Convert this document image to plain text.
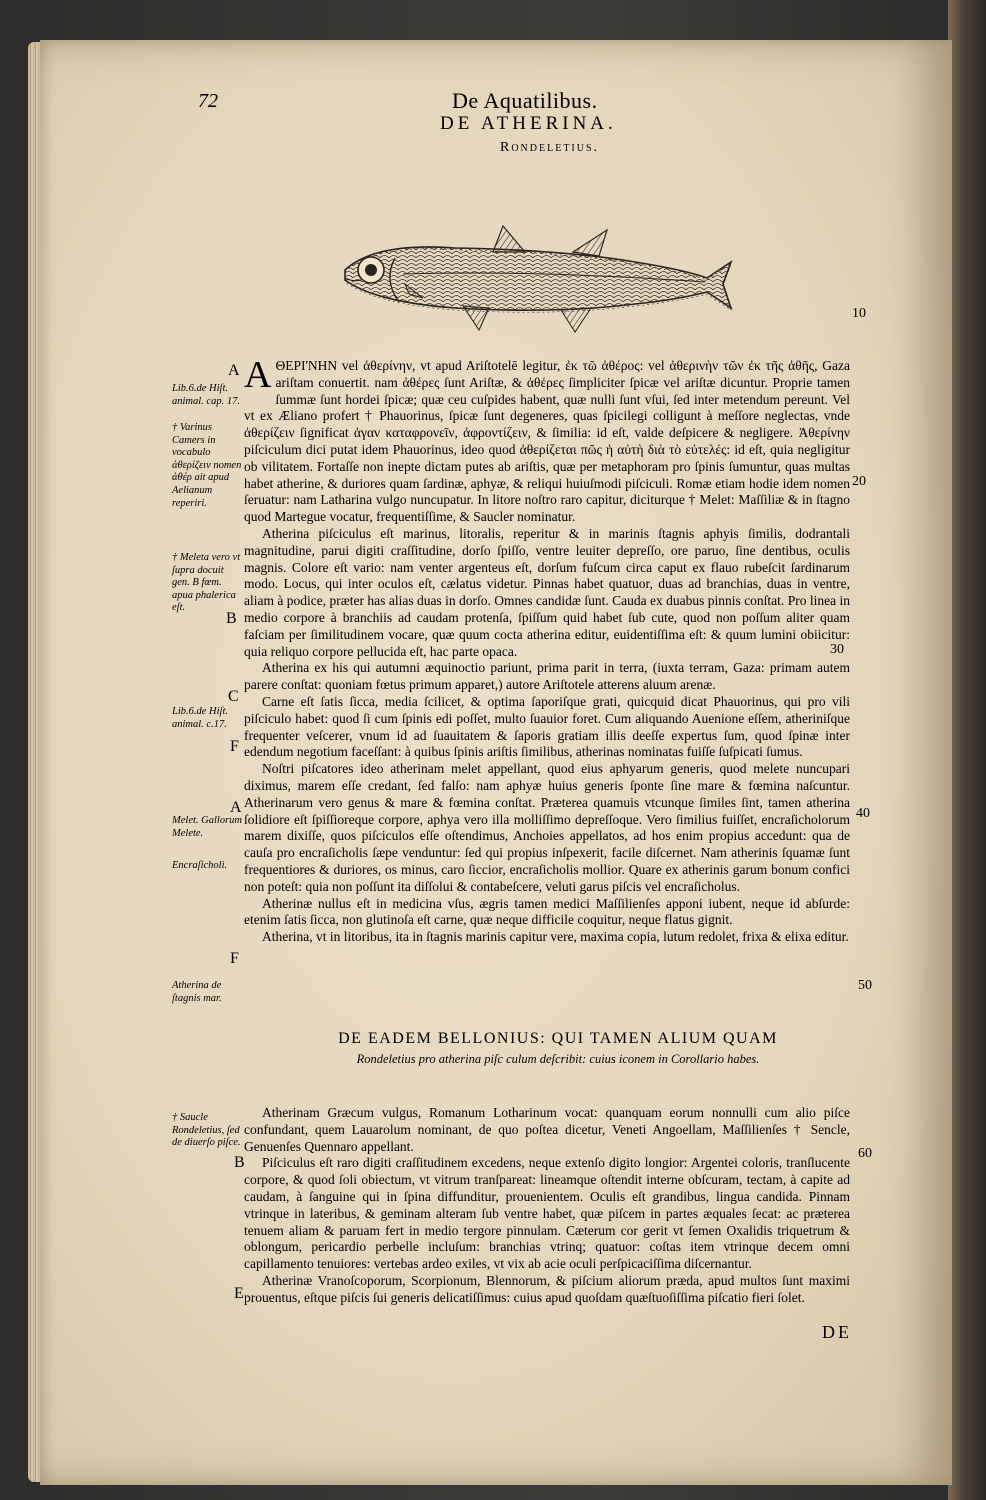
72	De Aquatilibus.
DE ATHERINA.
Rondeletius.
10
20
30
40
50
60
A
B
C
F
A
F
B
E

AΘΕΡΙ'ΝΗΝ vel ἀθερίνην, vt apud Ariſtotelē legitur, ἐκ τῶ ἀθέρος: vel ἀθερινὴν τῶν ἐκ τῆς ἀθῆς, Gaza ariſtam conuertit. nam ἀθέρες ſunt Ariſtæ, & ἀθέρες ſimpliciter ſpicæ vel ariſtæ dicuntur. Proprie tamen ſummæ ſunt hordei ſpicæ; quæ ceu cuſpides habent, quæ nulli ſunt vſui, ſed inter metendum pereunt. Vel vt ex Æliano profert † Phauorinus, ſpicæ ſunt degeneres, quas ſpicilegi colligunt à meſſore neglectas, vnde ἀθερίζειν ſignificat ἀγαν καταφρονεῖν, ἀφροντίζειν, & ſimilia: id eſt, valde deſpicere & negligere. Ἀθερίνην piſciculum dici putat idem Phauorinus, ideo quod ἀθερίζεται πῶς ἡ αὐτὴ διὰ τὸ εὐτελές: id eſt, quia negligitur ob vilitatem. Fortaſſe non inepte dictam putes ab ariſtis, quæ per metaphoram pro ſpinis ſumuntur, quas multas habet atherine, & duriores quam ſardinæ, aphyæ, & reliqui huiuſmodi piſciculi. Romæ etiam hodie idem nomen ſeruatur: nam Latharina vulgo nuncupatur. In litore noſtro raro capitur, diciturque † Melet: Maſſiliæ & in ſtagno quod Martegue vocatur, frequentiſſime, & Saucler nominatur.

Atherina piſciculus eſt marinus, litoralis, reperitur & in marinis ſtagnis aphyis ſimilis, dodrantali magnitudine, parui digiti craſſitudine, dorſo ſpiſſo, ventre leuiter depreſſo, ore paruo, ſine dentibus, oculis magnis. Colore eſt vario: nam venter argenteus eſt, dorſum fuſcum circa caput ex flauo rubeſcit ſardinarum modo. Locus, qui inter oculos eſt, cælatus videtur. Pinnas habet quatuor, duas ad branchias, duas in ventre, aliam à podice, præter has alias duas in dorſo. Omnes candidæ ſunt. Cauda ex duabus pinnis conſtat. Pro linea in medio corpore à branchiis ad caudam protenſa, ſpiſſum quid habet ſub cute, quod non poſſum aliter quam faſciam per ſimilitudinem vocare, quæ quum cocta atherina editur, euidentiſſima eſt: & quum lumini obiicitur: quia reliquo corpore pellucida eſt, hac parte opaca.

Atherina ex his qui autumni æquinoctio pariunt, prima parit in terra, (iuxta terram, Gaza: primam autem parere conſtat: quoniam fœtus primum apparet,) autore Ariſtotele atterens aluum arenæ.

Carne eſt ſatis ſicca, media ſcilicet, & optima ſaporiſque grati, quicquid dicat Phauorinus, qui pro vili piſciculo habet: quod ſi cum ſpinis edi poſſet, multo ſuauior foret. Cum aliquando Auenione eſſem, atheriniſque frequenter veſcerer, vnum id ad ſuauitatem & ſaporis gratiam illis deeſſe expertus ſum, quod ſpinæ inter edendum negotium faceſſant: à quibus ſpinis ariſtis ſimilibus, atherinas nominatas fuiſſe ſuſpicati ſumus.

Noſtri piſcatores ideo atherinam melet appellant, quod eius aphyarum generis, quod melete nuncupari diximus, marem eſſe credant, ſed falſo: nam aphyæ huius generis ſponte ſine mare & fœmina naſcuntur. Atherinarum vero genus & mare & fœmina conſtat. Præterea quamuis vtcunque ſimiles ſint, tamen atherina ſolidiore eſt ſpiſſioreque corpore, aphya vero illa molliſſimo depreſſoque. Vero ſimilius fuiſſet, encraſicholorum marem dixiſſe, quos piſciculos eſſe oſtendimus, Anchoies appellatos, ad hos enim propius accedunt: qua de cauſa pro encraſicholis ſæpe venduntur: ſed qui propius inſpexerit, facile diſcernet. Nam atherinis ſquamæ ſunt frequentiores & duriores, os minus, caro ſiccior, encraſicholis mollior. Quare ex atherinis garum bonum confici non poteſt: quia non poſſunt ita diſſolui & contabeſcere, veluti garus piſcis vel encraſicholus.

Atherinæ nullus eſt in medicina vſus, ægris tamen medici Maſſilienſes apponi iubent, neque id abſurde: etenim ſatis ſicca, non glutinoſa eſt carne, quæ neque difficile coquitur, neque flatus gignit.

Atherina, vt in litoribus, ita in ſtagnis marinis capitur vere, maxima copia, lutum redolet, frixa & elixa editur.

DE EADEM BELLONIUS: QUI TAMEN ALIUM QUAM
Rondeletius pro atherina piſc culum deſcribit: cuius iconem in Corollario habes.

Atherinam Græcum vulgus, Romanum Lotharinum vocat: quanquam eorum nonnulli cum alio piſce confundant, quem Lauarolum nominant, de quo poſtea dicetur, Veneti Angoellam, Maſſilienſes † Sencle, Genuenſes Quennaro appellant.

Piſciculus eſt raro digiti craſſitudinem excedens, neque extenſo digito longior: Argentei coloris, tranſlucente corpore, & quod ſoli obiectum, vt vitrum tranſpareat: lineamque oſtendit interne obſcuram, tectam, à capite ad caudam, à ſanguine qui in ſpina diffunditur, prouenientem. Oculis eſt grandibus, lingua candida. Pinnam vtrinque in lateribus, & geminam alteram ſub ventre habet, quæ piſcem in partes æquales ſecat: ac præterea tenuem aliam & paruam fert in medio tergore pinnulam. Cæterum cor gerit vt ſemen Oxalidis triquetrum & oblongum, pericardio perbelle incluſum: branchias vtrinq; quatuor: coſtas item vtrinque decem omni capillamento tenuiores: vertebas ardeo exiles, vt vix ab acie oculi perſpicaciſſima diſcernantur.

Atherinæ Vranoſcoporum, Scorpionum, Blennorum, & piſcium aliorum præda, apud multos ſunt maximi prouentus, eſtque piſcis ſui generis delicatiſſimus: cuius apud quoſdam quæſtuoſiſſima piſcatio fieri ſolet.

Lib.6.de Hiſt. animal. cap. 17.
† Varinus Camers in vocabulo ἀθερίζειν nomen ἀθέρ ait apud Aelianum reperiri.
† Meleta vero vt ſupra docuit gen. B fœm. apua phalerica eſt.
Lib.6.de Hiſt. animal. c.17.
Melet. Gallorum Melete.
Encraſicholi.
Atherina de ſtagnis mar.
† Saucle Rondeletius, ſed de diuerſo piſce.
DE
